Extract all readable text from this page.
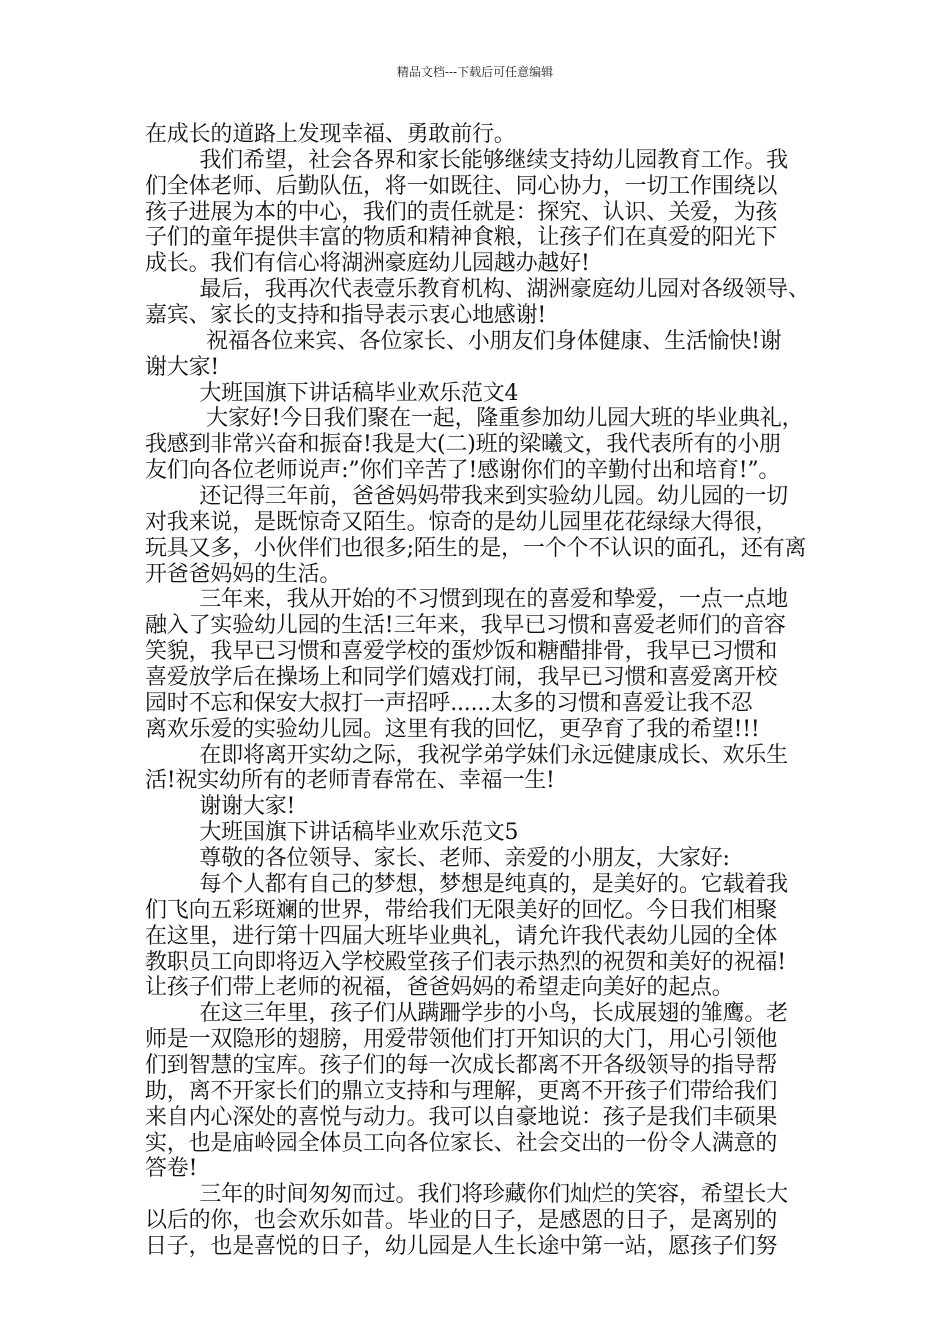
精品文档---下载后可任意编辑
在成长的道路上发现幸福、勇敢前行。
我们希望，社会各界和家长能够继续支持幼儿园教育工作。我
们全体老师、后勤队伍，将一如既往、同心协力，一切工作围绕以
孩子进展为本的中心，我们的责任就是：探究、认识、关爱，为孩
子们的童年提供丰富的物质和精神食粮，让孩子们在真爱的阳光下
成长。我们有信心将湖洲豪庭幼儿园越办越好!
最后，我再次代表壹乐教育机构、湖洲豪庭幼儿园对各级领导、
嘉宾、家长的支持和指导表示衷心地感谢!
祝福各位来宾、各位家长、小朋友们身体健康、生活愉快!谢
谢大家!
大班国旗下讲话稿毕业欢乐范文4
大家好!今日我们聚在一起，隆重参加幼儿园大班的毕业典礼，
我感到非常兴奋和振奋!我是大(二)班的梁曦文，我代表所有的小朋
友们向各位老师说声:”你们辛苦了!感谢你们的辛勤付出和培育!”。
还记得三年前，爸爸妈妈带我来到实验幼儿园。幼儿园的一切
对我来说，是既惊奇又陌生。惊奇的是幼儿园里花花绿绿大得很，
玩具又多，小伙伴们也很多;陌生的是，一个个不认识的面孔，还有离
开爸爸妈妈的生活。
三年来，我从开始的不习惯到现在的喜爱和挚爱，一点一点地
融入了实验幼儿园的生活!三年来，我早已习惯和喜爱老师们的音容
笑貌，我早已习惯和喜爱学校的蛋炒饭和糖醋排骨，我早已习惯和
喜爱放学后在操场上和同学们嬉戏打闹，我早已习惯和喜爱离开校
园时不忘和保安大叔打一声招呼......太多的习惯和喜爱让我不忍
离欢乐爱的实验幼儿园。这里有我的回忆，更孕育了我的希望!!!
在即将离开实幼之际，我祝学弟学妹们永远健康成长、欢乐生
活!祝实幼所有的老师青春常在、幸福一生!
谢谢大家!
大班国旗下讲话稿毕业欢乐范文5
尊敬的各位领导、家长、老师、亲爱的小朋友，大家好:
每个人都有自己的梦想，梦想是纯真的，是美好的。它载着我
们飞向五彩斑斓的世界，带给我们无限美好的回忆。今日我们相聚
在这里，进行第十四届大班毕业典礼，请允许我代表幼儿园的全体
教职员工向即将迈入学校殿堂孩子们表示热烈的祝贺和美好的祝福!
让孩子们带上老师的祝福，爸爸妈妈的希望走向美好的起点。
在这三年里，孩子们从蹒跚学步的小鸟，长成展翅的雏鹰。老
师是一双隐形的翅膀，用爱带领他们打开知识的大门，用心引领他
们到智慧的宝库。孩子们的每一次成长都离不开各级领导的指导帮
助，离不开家长们的鼎立支持和与理解，更离不开孩子们带给我们
来自内心深处的喜悦与动力。我可以自豪地说：孩子是我们丰硕果
实，也是庙岭园全体员工向各位家长、社会交出的一份令人满意的
答卷!
三年的时间匆匆而过。我们将珍藏你们灿烂的笑容，希望长大
以后的你，也会欢乐如昔。毕业的日子，是感恩的日子，是离别的
日子，也是喜悦的日子，幼儿园是人生长途中第一站，愿孩子们努
